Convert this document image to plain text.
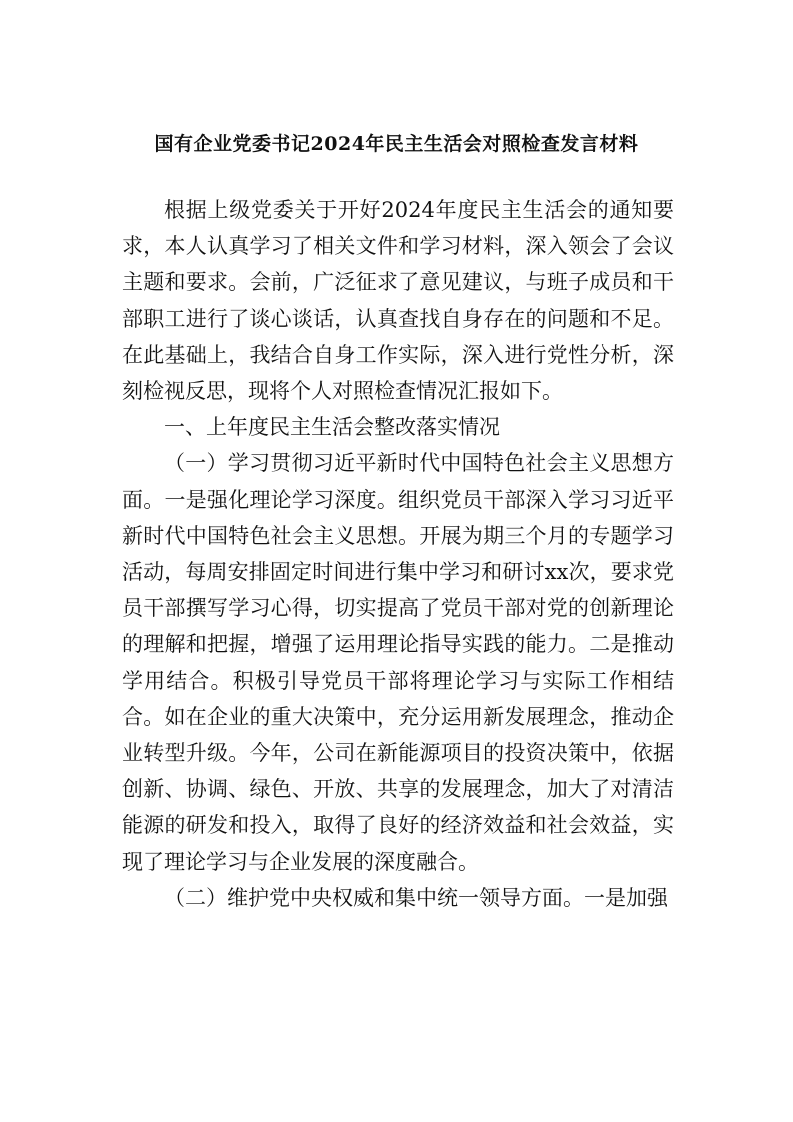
国有企业党委书记2024年民主生活会对照检查发言材料

根据上级党委关于开好2024年度民主生活会的通知要求，本人认真学习了相关文件和学习材料，深入领会了会议主题和要求。会前，广泛征求了意见建议，与班子成员和干部职工进行了谈心谈话，认真查找自身存在的问题和不足。在此基础上，我结合自身工作实际，深入进行党性分析，深刻检视反思，现将个人对照检查情况汇报如下。

一、上年度民主生活会整改落实情况

（一）学习贯彻习近平新时代中国特色社会主义思想方面。一是强化理论学习深度。组织党员干部深入学习习近平新时代中国特色社会主义思想。开展为期三个月的专题学习活动，每周安排固定时间进行集中学习和研讨xx次，要求党员干部撰写学习心得，切实提高了党员干部对党的创新理论的理解和把握，增强了运用理论指导实践的能力。二是推动学用结合。积极引导党员干部将理论学习与实际工作相结合。如在企业的重大决策中，充分运用新发展理念，推动企业转型升级。今年，公司在新能源项目的投资决策中，依据创新、协调、绿色、开放、共享的发展理念，加大了对清洁能源的研发和投入，取得了良好的经济效益和社会效益，实现了理论学习与企业发展的深度融合。

（二）维护党中央权威和集中统一领导方面。一是加强
